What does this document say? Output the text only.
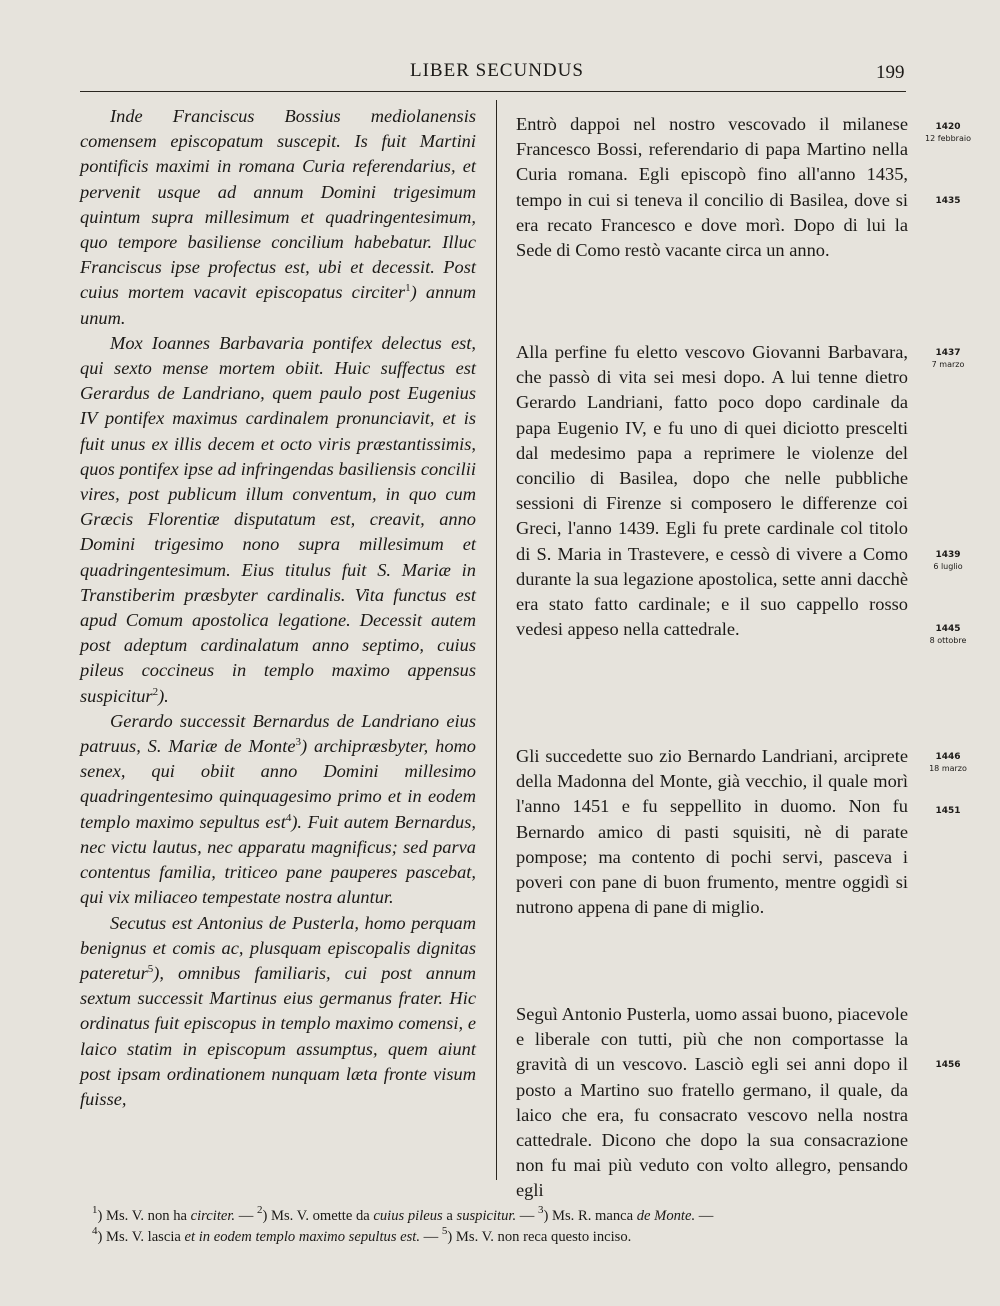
LIBER SECUNDUS	199

Inde Franciscus Bossius mediolanensis comensem episcopatum suscepit. Is fuit Martini pontificis maximi in romana Curia referendarius, et pervenit usque ad annum Domini trigesimum quintum supra millesimum et quadringentesimum, quo tempore basiliense concilium habebatur. Illuc Franciscus ipse profectus est, ubi et decessit. Post cuius mortem vacavit episcopatus circiter$^1$) annum unum.

Mox Ioannes Barbavaria pontifex delectus est, qui sexto mense mortem obiit. Huic suffectus est Gerardus de Landriano, quem paulo post Eugenius IV pontifex maximus cardinalem pronunciavit, et is fuit unus ex illis decem et octo viris præstantissimis, quos pontifex ipse ad infringendas basiliensis concilii vires, post publicum illum conventum, in quo cum Græcis Florentiæ disputatum est, creavit, anno Domini trigesimo nono supra millesimum et quadringentesimum. Eius titulus fuit S. Mariæ in Transtiberim præsbyter cardinalis. Vita functus est apud Comum apostolica legatione. Decessit autem post adeptum cardinalatum anno septimo, cuius pileus coccineus in templo maximo appensus suspicitur$^2$).

Gerardo successit Bernardus de Landriano eius patruus, S. Mariæ de Monte$^3$) archipræsbyter, homo senex, qui obiit anno Domini millesimo quadringentesimo quinquagesimo primo et in eodem templo maximo sepultus est$^4$). Fuit autem Bernardus, nec victu lautus, nec apparatu magnificus; sed parva contentus familia, triticeo pane pauperes pascebat, qui vix miliaceo tempestate nostra aluntur.

Secutus est Antonius de Pusterla, homo perquam benignus et comis ac, plusquam episcopalis dignitas pateretur$^5$), omnibus familiaris, cui post annum sextum successit Martinus eius germanus frater. Hic ordinatus fuit episcopus in templo maximo comensi, e laico statim in episcopum assumptus, quem aiunt post ipsam ordinationem nunquam læta fronte visum fuisse,

Entrò dappoi nel nostro vescovado il milanese Francesco Bossi, referendario di papa Martino nella Curia romana. Egli episcopò fino all'anno 1435, tempo in cui si teneva il concilio di Basilea, dove si era recato Francesco e dove morì. Dopo di lui la Sede di Como restò vacante circa un anno.
Alla perfine fu eletto vescovo Giovanni Barbavara, che passò di vita sei mesi dopo. A lui tenne dietro Gerardo Landriani, fatto poco dopo cardinale da papa Eugenio IV, e fu uno di quei diciotto prescelti dal medesimo papa a reprimere le violenze del concilio di Basilea, dopo che nelle pubbliche sessioni di Firenze si composero le differenze coi Greci, l'anno 1439. Egli fu prete cardinale col titolo di S. Maria in Trastevere, e cessò di vivere a Como durante la sua legazione apostolica, sette anni dacchè era stato fatto cardinale; e il suo cappello rosso vedesi appeso nella cattedrale.
Gli succedette suo zio Bernardo Landriani, arciprete della Madonna del Monte, già vecchio, il quale morì l'anno 1451 e fu seppellito in duomo. Non fu Bernardo amico di pasti squisiti, nè di parate pompose; ma contento di pochi servi, pasceva i poveri con pane di buon frumento, mentre oggidì si nutrono appena di pane di miglio.
Seguì Antonio Pusterla, uomo assai buono, piacevole e liberale con tutti, più che non comportasse la gravità di un vescovo. Lasciò egli sei anni dopo il posto a Martino suo fratello germano, il quale, da laico che era, fu consacrato vescovo nella nostra cattedrale. Dicono che dopo la sua consacrazione non fu mai più veduto con volto allegro, pensando egli
1420
12 febbraio
1435
1437
7 marzo
1439
6 luglio
1445
8 ottobre
1446
18 marzo
1451
1456

$^1$) Ms. V. non ha circiter. — $^2$) Ms. V. omette da cuius pileus a suspicitur. — $^3$) Ms. R. manca de Monte. —

$^4$) Ms. V. lascia et in eodem templo maximo sepultus est. — $^5$) Ms. V. non reca questo inciso.
